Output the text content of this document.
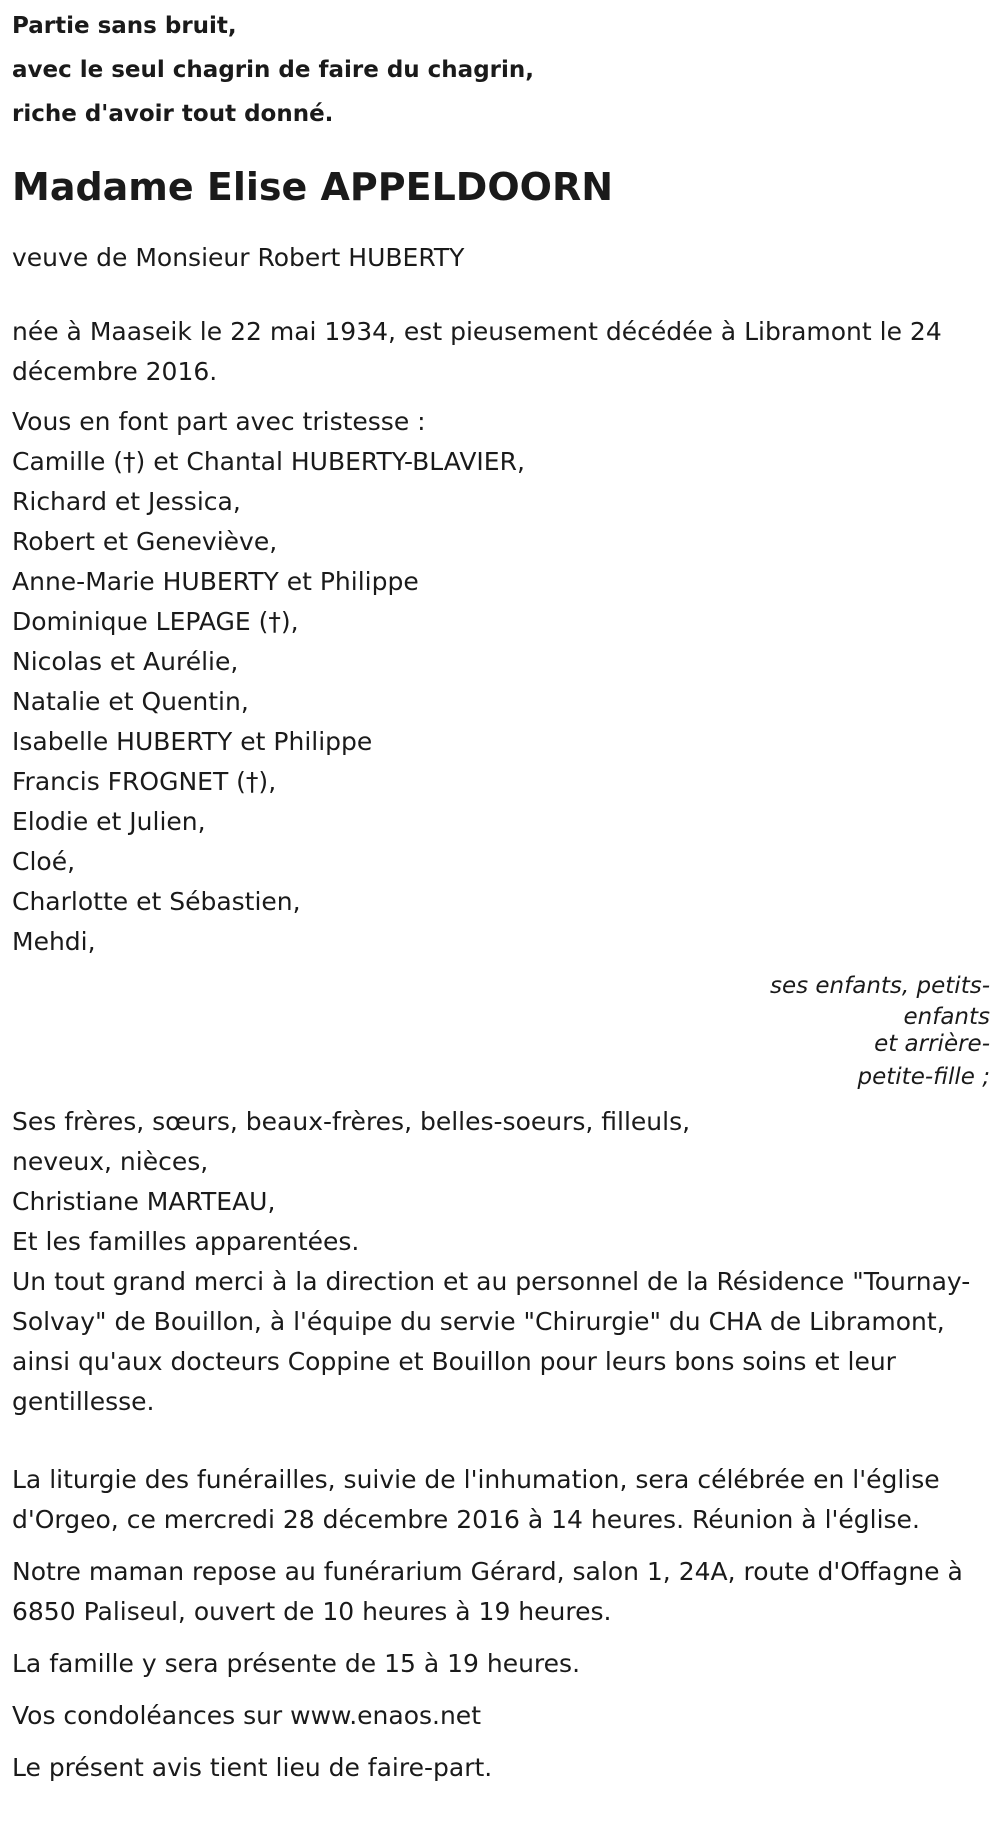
Partie sans bruit,

avec le seul chagrin de faire du chagrin,

riche d'avoir tout donné.

Madame Elise APPELDOORN

veuve de Monsieur Robert HUBERTY

née à Maaseik le 22 mai 1934, est pieusement décédée à Libramont le 24 décembre 2016.

Vous en font part avec tristesse :

Camille (†) et Chantal HUBERTY-BLAVIER,

Richard et Jessica,

Robert et Geneviève,

Anne-Marie HUBERTY et Philippe

Dominique LEPAGE (†),

Nicolas et Aurélie,

Natalie et Quentin,

Isabelle HUBERTY et Philippe

Francis FROGNET (†),

Elodie et Julien,

Cloé,

Charlotte et Sébastien,

Mehdi,

ses enfants, petits-

enfants

et arrière-

petite-fille ;

Ses frères, sœurs, beaux-frères, belles-soeurs, filleuls,

neveux, nièces,

Christiane MARTEAU,

Et les familles apparentées.

Un tout grand merci à la direction et au personnel de la Résidence "Tournay-Solvay" de Bouillon, à l'équipe du servie "Chirurgie" du CHA de Libramont, ainsi qu'aux docteurs Coppine et Bouillon pour leurs bons soins et leur gentillesse.

La liturgie des funérailles, suivie de l'inhumation, sera célébrée en l'église d'Orgeo, ce mercredi 28 décembre 2016 à 14 heures. Réunion à l'église.

Notre maman repose au funérarium Gérard, salon 1, 24A, route d'Offagne à 6850 Paliseul, ouvert de 10 heures à 19 heures.

La famille y sera présente de 15 à 19 heures.

Vos condoléances sur www.enaos.net

Le présent avis tient lieu de faire-part.
